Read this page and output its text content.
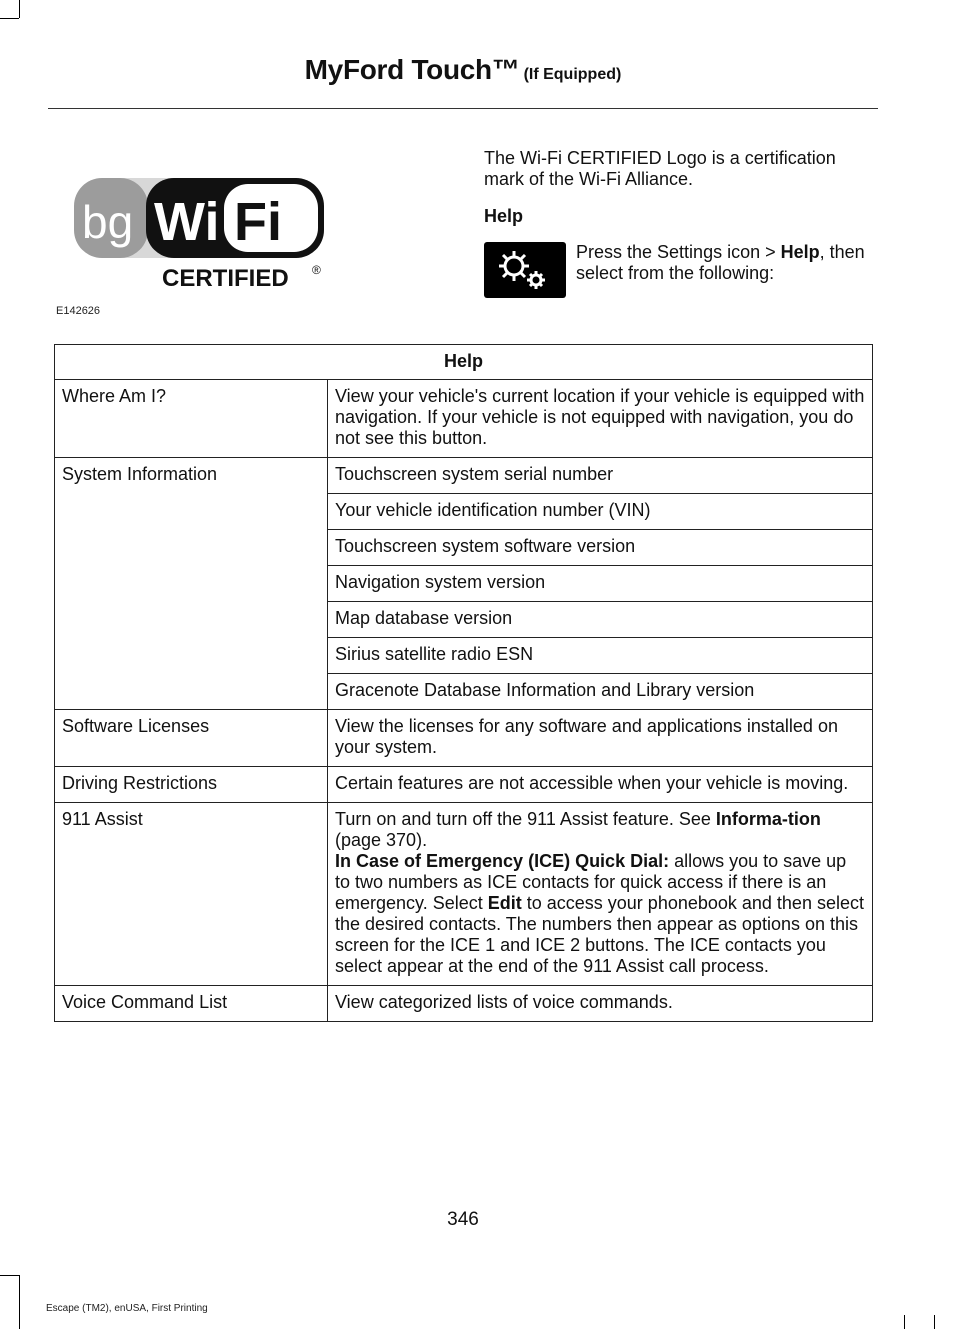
MyFord Touch™ (If Equipped)
bg Wi Fi
CERTIFIED ®
E142626
The Wi-Fi CERTIFIED Logo is a certification mark of the Wi-Fi Alliance.
Help
Press the Settings icon > Help, then select from the following:
Help	
Where Am I?	View your vehicle's current location if your vehicle is equipped with navigation. If your vehicle is not equipped with navigation, you do not see this button.
System Information	Touchscreen system serial number
	Your vehicle identification number (VIN)
	Touchscreen system software version
	Navigation system version
	Map database version
	Sirius satellite radio ESN
	Gracenote Database Information and Library version
Software Licenses	View the licenses for any software and applications installed on your system.
Driving Restrictions	Certain features are not accessible when your vehicle is moving.
911 Assist	Turn on and turn off the 911 Assist feature. See Informa-tion (page 370).
In Case of Emergency (ICE) Quick Dial: allows you to save up to two numbers as ICE contacts for quick access if there is an emergency. Select Edit to access your phonebook and then select the desired contacts. The numbers then appear as options on this screen for the ICE 1 and ICE 2 buttons. The ICE contacts you select appear at the end of the 911 Assist call process.
Voice Command List	View categorized lists of voice commands.
346
Escape (TM2), enUSA, First Printing
